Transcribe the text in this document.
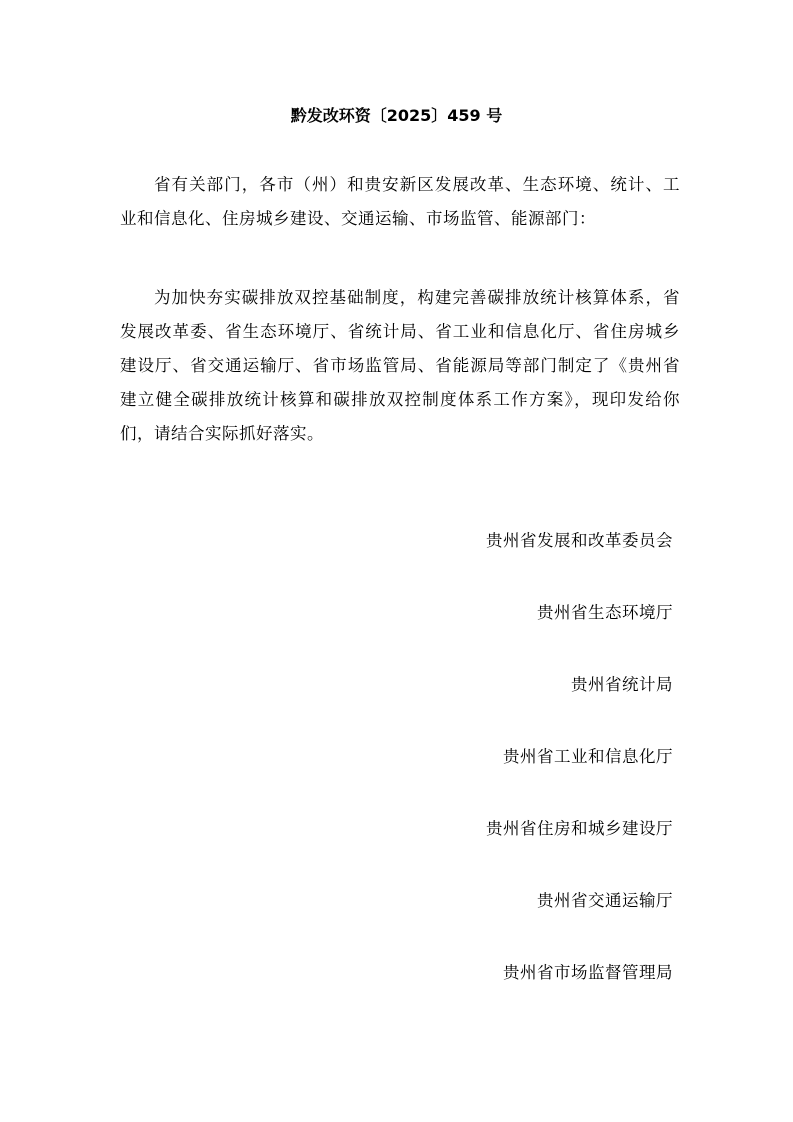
黔发改环资〔2025〕459 号

省有关部门，各市（州）和贵安新区发展改革、生态环境、统计、工业和信息化、住房城乡建设、交通运输、市场监管、能源部门：

为加快夯实碳排放双控基础制度，构建完善碳排放统计核算体系，省发展改革委、省生态环境厅、省统计局、省工业和信息化厅、省住房城乡建设厅、省交通运输厅、省市场监管局、省能源局等部门制定了《贵州省建立健全碳排放统计核算和碳排放双控制度体系工作方案》，现印发给你们，请结合实际抓好落实。

贵州省发展和改革委员会
贵州省生态环境厅
贵州省统计局
贵州省工业和信息化厅
贵州省住房和城乡建设厅
贵州省交通运输厅
贵州省市场监督管理局
